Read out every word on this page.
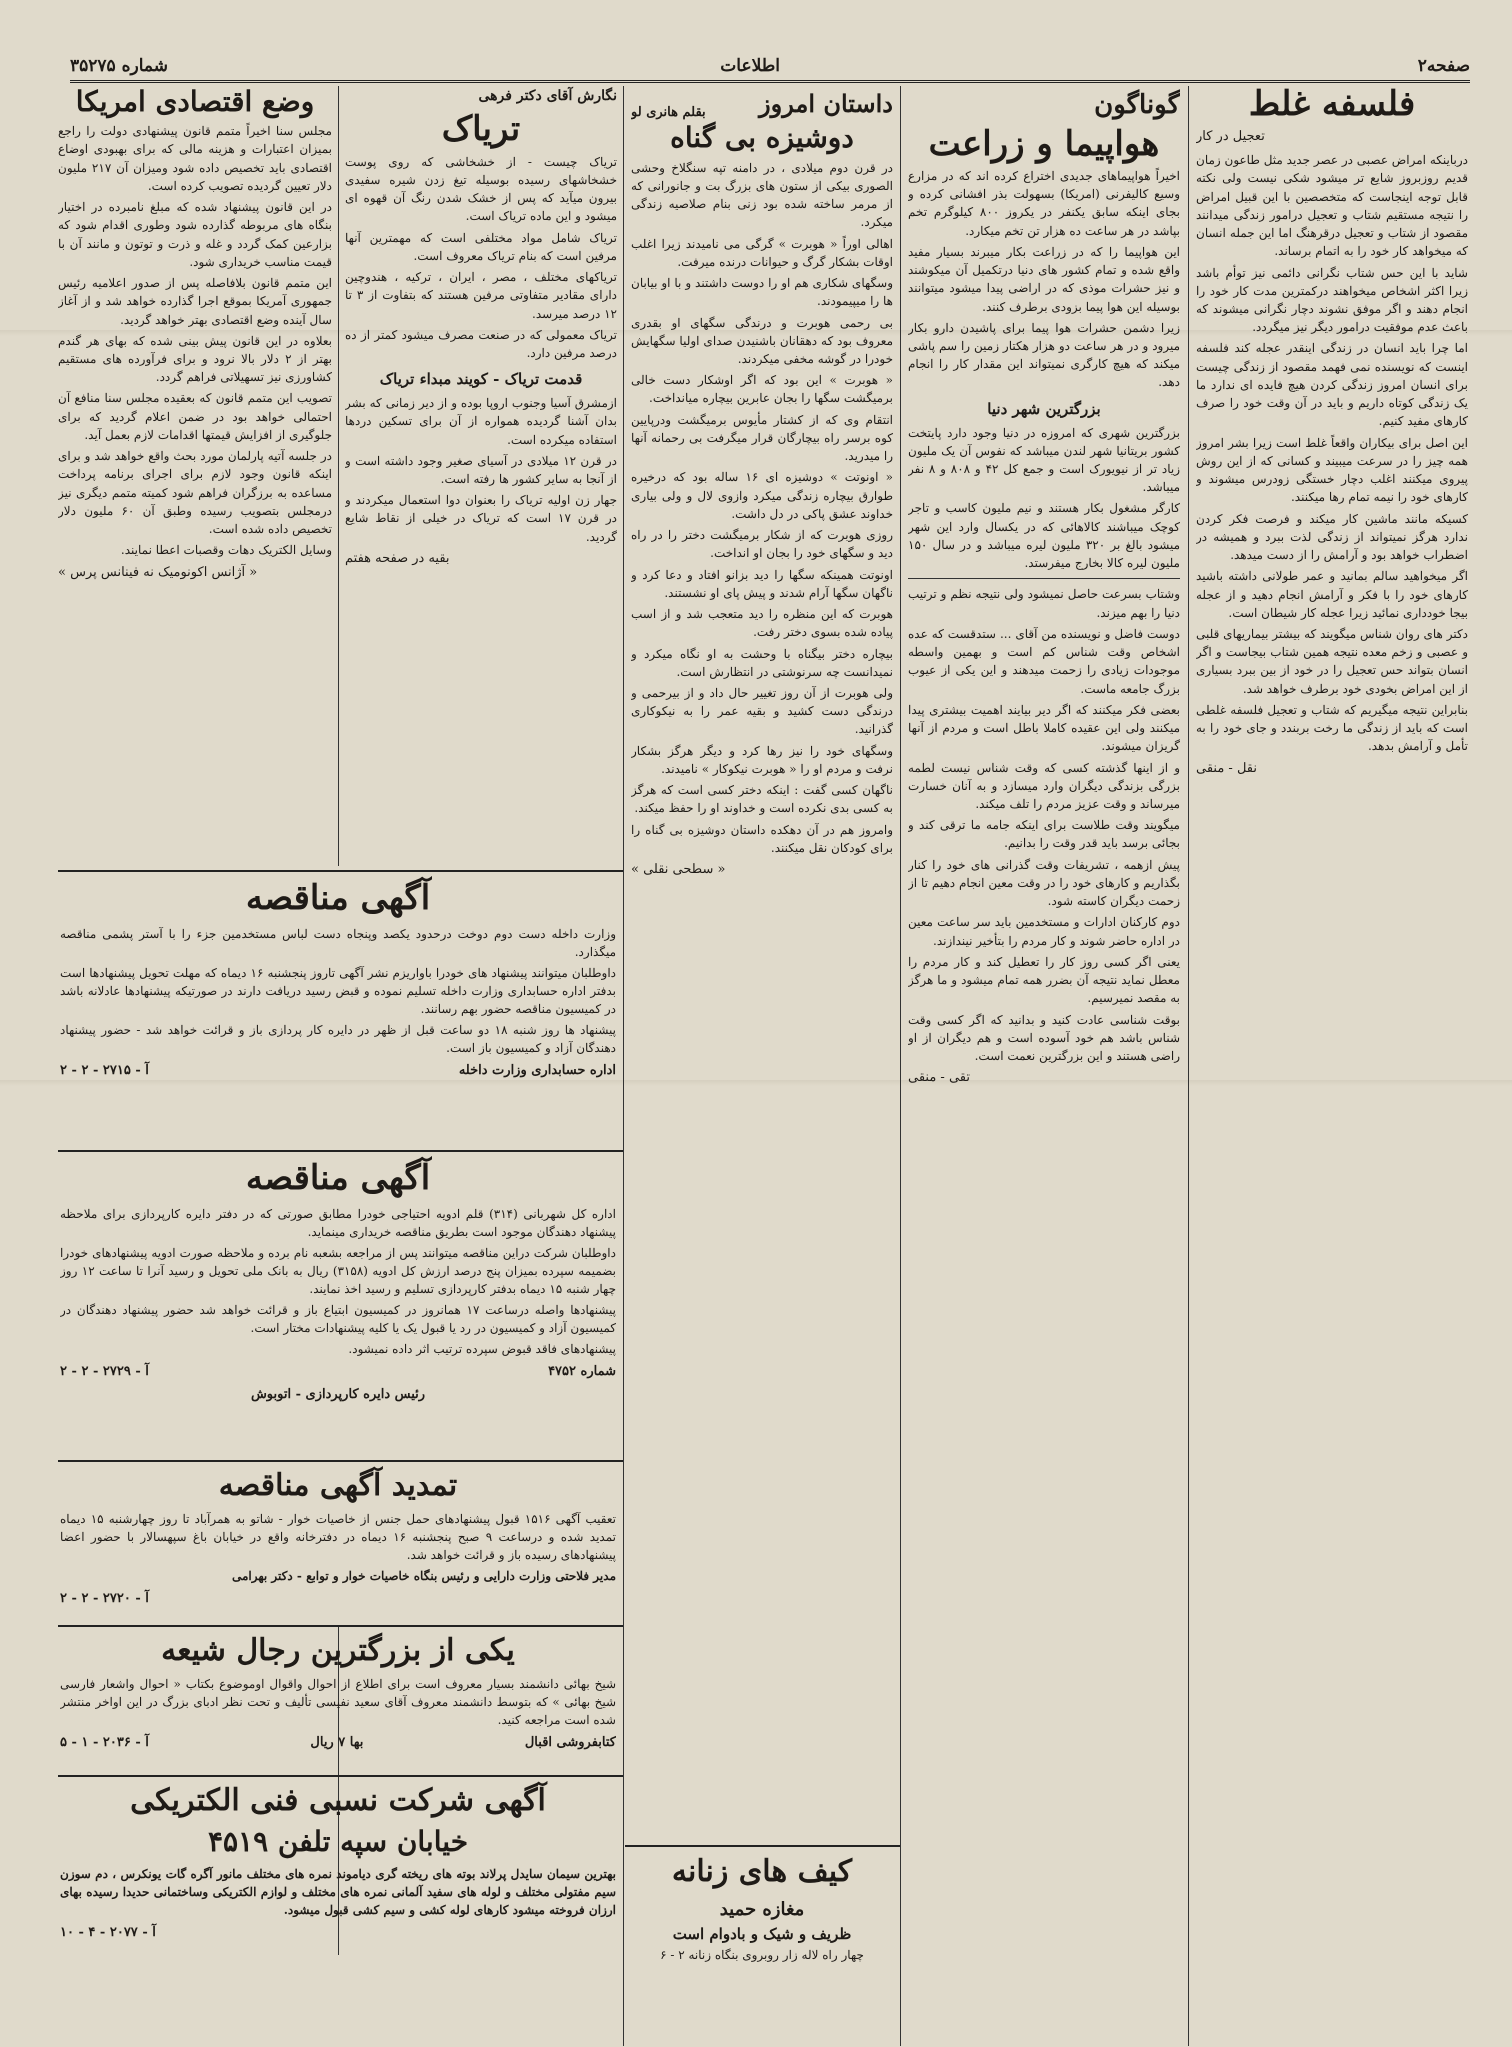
صفحه۲
اطلاعات
شماره ۳۵۲۷۵
فلسفه غلط
تعجیل در کار

درباینکه امراض عصبی در عصر جدید مثل طاعون زمان قدیم روزبروز شایع تر میشود شکی نیست ولی نکته قابل توجه اینجاست که متخصصین با این قبیل امراض را نتیجه مستقیم شتاب و تعجیل درامور زندگی میدانند مقصود از شتاب و تعجیل درقرهنگ اما این جمله انسان که میخواهد کار خود را به اتمام برساند.

شاید با این حس شتاب نگرانی دائمی نیز توأم باشد زیرا اکثر اشخاص میخواهند درکمترین مدت کار خود را انجام دهند و اگر موفق نشوند دچار نگرانی میشوند که باعث عدم موفقیت درامور دیگر نیز میگردد.

اما چرا باید انسان در زندگی اینقدر عجله کند فلسفه اینست که نویسنده نمی فهمد مقصود از زندگی چیست برای انسان امروز زندگی کردن هیچ فایده ای ندارد ما یک زندگی کوتاه داریم و باید در آن وقت خود را صرف کارهای مفید کنیم.

این اصل برای بیکاران واقعاً غلط است زیرا بشر امروز همه چیز را در سرعت میبیند و کسانی که از این روش پیروی میکنند اغلب دچار خستگی زودرس میشوند و کارهای خود را نیمه تمام رها میکنند.

کسیکه مانند ماشین کار میکند و فرصت فکر کردن ندارد هرگز نمیتواند از زندگی لذت ببرد و همیشه در اضطراب خواهد بود و آرامش را از دست میدهد.

اگر میخواهید سالم بمانید و عمر طولانی داشته باشید کارهای خود را با فکر و آرامش انجام دهید و از عجله بیجا خودداری نمائید زیرا عجله کار شیطان است.

دکتر های روان شناس میگویند که بیشتر بیماریهای قلبی و عصبی و زخم معده نتیجه همین شتاب بیجاست و اگر انسان بتواند حس تعجیل را در خود از بین ببرد بسیاری از این امراض بخودی خود برطرف خواهد شد.

بنابراین نتیجه میگیریم که شتاب و تعجیل فلسفه غلطی است که باید از زندگی ما رخت بربندد و جای خود را به تأمل و آرامش بدهد.

نقل - منقی
گوناگون
هواپیما و زراعت

اخیراً هواپیماهای جدیدی اختراع کرده اند که در مزارع وسیع کالیفرنی (امریکا) بسهولت بذر افشانی کرده و بجای اینکه سابق یکنفر در یکروز ۸۰۰ کیلوگرم تخم بپاشد در هر ساعت ده هزار تن تخم میکارد.

این هواپیما را که در زراعت بکار میبرند بسیار مفید واقع شده و تمام کشور های دنیا درتکمیل آن میکوشند و نیز حشرات موذی که در اراضی پیدا میشود میتوانند بوسیله این هوا پیما بزودی برطرف کنند.

زیرا دشمن حشرات هوا پیما برای پاشیدن دارو بکار میرود و در هر ساعت دو هزار هکتار زمین را سم پاشی میکند که هیچ کارگری نمیتواند این مقدار کار را انجام دهد.

بزرگترین شهر دنیا

بزرگترین شهری که امروزه در دنیا وجود دارد پایتخت کشور بریتانیا شهر لندن میباشد که نفوس آن یک ملیون زیاد تر از نیویورک است و جمع کل ۴۲ و ۸۰۸ و ۸ نفر میباشد.

کارگر مشغول بکار هستند و نیم ملیون کاسب و تاجر کوچک میباشند کالاهائی که در یکسال وارد این شهر میشود بالغ بر ۳۲۰ ملیون لیره میباشد و در سال ۱۵۰ ملیون لیره کالا بخارج میفرستد.

وشتاب بسرعت حاصل نمیشود ولی نتیجه نظم و ترتیب دنیا را بهم میزند.

دوست فاضل و نویسنده من آقای ... ستدقست که عده اشخاص وقت شناس کم است و بهمین واسطه موجودات زیادی را زحمت میدهند و این یکی از عیوب بزرگ جامعه ماست.

بعضی فکر میکنند که اگر دیر بیایند اهمیت بیشتری پیدا میکنند ولی این عقیده کاملا باطل است و مردم از آنها گریزان میشوند.

و از اینها گذشته کسی که وقت شناس نیست لطمه بزرگی بزندگی دیگران وارد میسازد و به آنان خسارت میرساند و وقت عزیز مردم را تلف میکند.

میگویند وقت طلاست برای اینکه جامه ما ترقی کند و بجائی برسد باید قدر وقت را بدانیم.

پیش ازهمه ، تشریفات وقت گذرانی های خود را کنار بگذاریم و کارهای خود را در وقت معین انجام دهیم تا از زحمت دیگران کاسته شود.

دوم کارکنان ادارات و مستخدمین باید سر ساعت معین در اداره حاضر شوند و کار مردم را بتأخیر نیندازند.

یعنی اگر کسی روز کار را تعطیل کند و کار مردم را معطل نماید نتیجه آن بضرر همه تمام میشود و ما هرگز به مقصد نمیرسیم.

بوقت شناسی عادت کنید و بدانید که اگر کسی وقت شناس باشد هم خود آسوده است و هم دیگران از او راضی هستند و این بزرگترین نعمت است.

تقی - منقی
داستان امروز
بقلم هانری لو
دوشیزه بی گناه

در قرن دوم میلادی ، در دامنه تپه سنگلاخ وحشی الصوری بیکی از ستون های بزرگ بت و جانورانی که از مرمر ساخته شده بود زنی بنام صلاصیه زندگی میکرد.

اهالی اوراً « هوبرت » گرگی می نامیدند زیرا اغلب اوقات بشکار گرگ و حیوانات درنده میرفت.

وسگهای شکاری هم او را دوست داشتند و با او بیابان ها را میپیمودند.

بی رحمی هوبرت و درندگی سگهای او بقدری معروف بود که دهقانان باشنیدن صدای اولیا سگهایش خودرا در گوشه مخفی میکردند.

« هوبرت » این بود که اگر اوشکار دست خالی برمیگشت سگها را بجان عابرین بیچاره میانداخت.

انتقام وی که از کشتار مأیوس برمیگشت ودرپایین کوه برسر راه بیچارگان قرار میگرفت بی رحمانه آنها را میدرید.

« اونوتت » دوشیزه ای ۱۶ ساله بود که درخیره طوارق بیچاره زندگی میکرد وازوی لال و ولی بیاری خداوند عشق پاکی در دل داشت.

روزی هوبرت که از شکار برمیگشت دختر را در راه دید و سگهای خود را بجان او انداخت.

اونوتت همینکه سگها را دید بزانو افتاد و دعا کرد و ناگهان سگها آرام شدند و پیش پای او نشستند.

هوبرت که این منظره را دید متعجب شد و از اسب پیاده شده بسوی دختر رفت.

بیچاره دختر بیگناه با وحشت به او نگاه میکرد و نمیدانست چه سرنوشتی در انتظارش است.

ولی هوبرت از آن روز تغییر حال داد و از بیرحمی و درندگی دست کشید و بقیه عمر را به نیکوکاری گذرانید.

وسگهای خود را نیز رها کرد و دیگر هرگز بشکار نرفت و مردم او را « هوبرت نیکوکار » نامیدند.

ناگهان کسی گفت : اینکه دختر کسی است که هرگز به کسی بدی نکرده است و خداوند او را حفظ میکند.

وامروز هم در آن دهکده داستان دوشیزه بی گناه را برای کودکان نقل میکنند.

« سطحی نقلی »
نگارش آقای دکتر فرهی
تریاک

تریاک چیست - از خشخاشی که روی پوست خشخاشهای رسیده بوسیله تیغ زدن شیره سفیدی بیرون میآید که پس از خشک شدن رنگ آن قهوه ای میشود و این ماده تریاک است.

تریاک شامل مواد مختلفی است که مهمترین آنها مرفین است که بنام تریاک معروف است.

تریاکهای مختلف ، مصر ، ایران ، ترکیه ، هندوچین دارای مقادیر متفاوتی مرفین هستند که بتفاوت از ۳ تا ۱۲ درصد میرسد.

تریاک معمولی که در صنعت مصرف میشود کمتر از ده درصد مرفین دارد.

قدمت تریاک - کویند مبداء تریاک

ازمشرق آسیا وجنوب اروپا بوده و از دیر زمانی که بشر بدان آشنا گردیده همواره از آن برای تسکین دردها استفاده میکرده است.

در قرن ۱۲ میلادی در آسیای صغیر وجود داشته است و از آنجا به سایر کشور ها رفته است.

جهار زن اولیه تریاک را بعنوان دوا استعمال میکردند و در قرن ۱۷ است که تریاک در خیلی از نقاط شایع گردید.

بقیه در صفحه هفتم
وضع اقتصادی امریکا

مجلس سنا اخیراً متمم قانون پیشنهادی دولت را راجع بمیزان اعتبارات و هزینه مالی که برای بهبودی اوضاع اقتصادی باید تخصیص داده شود ومیزان آن ۲۱۷ ملیون دلار تعیین گردیده تصویب کرده است.

در این قانون پیشنهاد شده که مبلغ نامبرده در اختیار بنگاه های مربوطه گذارده شود وطوری اقدام شود که بزارعین کمک گردد و غله و ذرت و توتون و مانند آن با قیمت مناسب خریداری شود.

این متمم قانون بلافاصله پس از صدور اعلامیه رئیس جمهوری آمریکا بموقع اجرا گذارده خواهد شد و از آغاز سال آینده وضع اقتصادی بهتر خواهد گردید.

بعلاوه در این قانون پیش بینی شده که بهای هر گندم بهتر از ۲ دلار بالا نرود و برای فرآورده های مستقیم کشاورزی نیز تسهیلاتی فراهم گردد.

تصویب این متمم قانون که بعقیده مجلس سنا منافع آن احتمالی خواهد بود در ضمن اعلام گردید که برای جلوگیری از افزایش قیمتها اقدامات لازم بعمل آید.

در جلسه آتیه پارلمان مورد بحث واقع خواهد شد و برای اینکه قانون وجود لازم برای اجرای برنامه پرداخت مساعده به برزگران فراهم شود کمیته متمم دیگری نیز درمجلس بتصویب رسیده وطبق آن ۶۰ ملیون دلار تخصیص داده شده است.

وسایل الکتریک دهات وقصبات اعطا نمایند.

« آژانس اکونومیک نه فینانس پرس »
آگهی مناقصه

وزارت داخله دست دوم دوخت درحدود یکصد وپنجاه دست لباس مستخدمین جزء را با آستر پشمی مناقصه میگذارد.

داوطلبان میتوانند پیشنهاد های خودرا باواریزم نشر آگهی تاروز پنجشنبه ۱۶ دیماه که مهلت تحویل پیشنهادها است بدفتر اداره حسابداری وزارت داخله تسلیم نموده و قبض رسید دریافت دارند در صورتیکه پیشنهادها عادلانه باشد در کمیسیون مناقصه حضور بهم رسانند.

پیشنهاد ها روز شنبه ۱۸ دو ساعت قبل از ظهر در دایره کار پردازی باز و قرائت خواهد شد - حضور پیشنهاد دهندگان آزاد و کمیسیون باز است.

اداره حسابداری وزارت داخله
آ - ۲۷۱۵ - ۲ - ۲
آگهی مناقصه

اداره کل شهربانی (۳۱۴) قلم ادویه احتیاجی خودرا مطابق صورتی که در دفتر دایره کارپردازی برای ملاحظه پیشنهاد دهندگان موجود است بطریق مناقصه خریداری مینماید.

داوطلبان شرکت دراین مناقصه میتوانند پس از مراجعه بشعبه نام برده و ملاحظه صورت ادویه پیشنهادهای خودرا بضمیمه سپرده بمیزان پنج درصد ارزش کل ادویه (۳۱۵۸) ریال به بانک ملی تحویل و رسید آنرا تا ساعت ۱۲ روز چهار شنبه ۱۵ دیماه بدفتر کارپردازی تسلیم و رسید اخذ نمایند.

پیشنهادها واصله درساعت ۱۷ همانروز در کمیسیون ابتیاع باز و قرائت خواهد شد حضور پیشنهاد دهندگان در کمیسیون آزاد و کمیسیون در رد یا قبول یک یا کلیه پیشنهادات مختار است.

پیشنهادهای فاقد قبوض سپرده ترتیب اثر داده نمیشود.

شماره ۴۷۵۲
آ - ۲۷۲۹ - ۲ - ۲
رئیس دایره کارپردازی - اتوبوش
تمدید آگهی مناقصه

تعقیب آگهی ۱۵۱۶ قبول پیشنهادهای حمل جنس از خاصیات خوار - شاتو به همرآباد تا روز چهارشنبه ۱۵ دیماه تمدید شده و درساعت ۹ صبح پنجشنبه ۱۶ دیماه در دفترخانه واقع در خیابان باغ سپهسالار با حضور اعضا پیشنهادهای رسیده باز و قرائت خواهد شد.

مدیر فلاحتی وزارت دارایی و رئیس بنگاه خاصیات خوار و توابع - دکتر بهرامی

آ - ۲۷۲۰ - ۲ - ۲
یکی از بزرگترین رجال شیعه

شیخ بهائی دانشمند بسیار معروف است برای اطلاع از احوال واقوال اوموضوع بکتاب « احوال واشعار فارسی شیخ بهائی » که بتوسط دانشمند معروف آقای سعید نفیسی تألیف و تحت نظر ادبای بزرگ در این اواخر منتشر شده است مراجعه کنید.

کتابفروشی اقبال
بها ۷ ریال
آ - ۲۰۳۶ - ۱ - ۵
آگهی شرکت نسبی فنی الکتریکی
خیابان سپه تلفن ۴۵۱۹

بهترین سیمان سایدل پرلاند بوته های ریخته گری دیاموند نمره های مختلف مانور آگره گات یونکرس ، دم سوزن سیم مفتولی مختلف و لوله های سفید آلمانی نمره های مختلف و لوازم الکتریکی وساختمانی حدیدا رسیده بهای ارزان فروخته میشود کارهای لوله کشی و سیم کشی قبول میشود.

آ - ۲۰۷۷ - ۴ - ۱۰
کیف های زنانه
مغازه حمید
ظریف و شیک و بادوام است
چهار راه لاله زار روبروی بنگاه زنانه ۲ - ۶
